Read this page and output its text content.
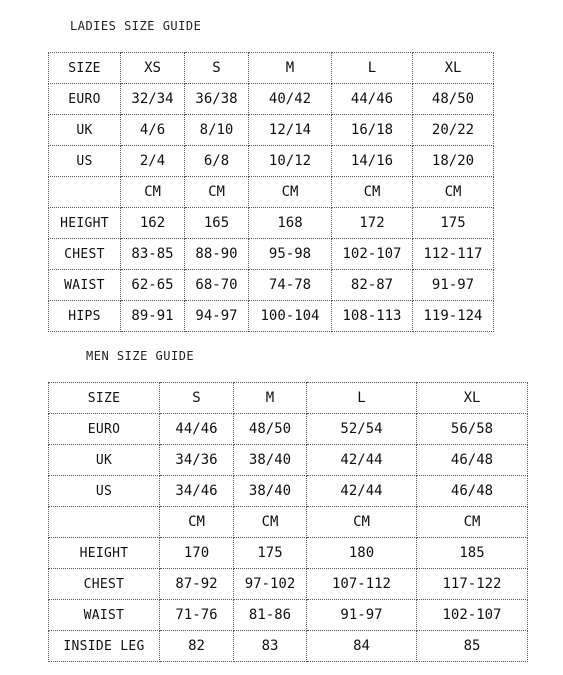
LADIES SIZE GUIDE
SIZE	XS	S	M	L	XL
EURO	32/34	36/38	40/42	44/46	48/50
UK	4/6	8/10	12/14	16/18	20/22
US	2/4	6/8	10/12	14/16	18/20
	CM	CM	CM	CM	CM
HEIGHT	162	165	168	172	175
CHEST	83-85	88-90	95-98	102-107	112-117
WAIST	62-65	68-70	74-78	82-87	91-97
HIPS	89-91	94-97	100-104	108-113	119-124
MEN SIZE GUIDE
SIZE	S	M	L	XL
EURO	44/46	48/50	52/54	56/58
UK	34/36	38/40	42/44	46/48
US	34/46	38/40	42/44	46/48
	CM	CM	CM	CM
HEIGHT	170	175	180	185
CHEST	87-92	97-102	107-112	117-122
WAIST	71-76	81-86	91-97	102-107
INSIDE LEG	82	83	84	85
